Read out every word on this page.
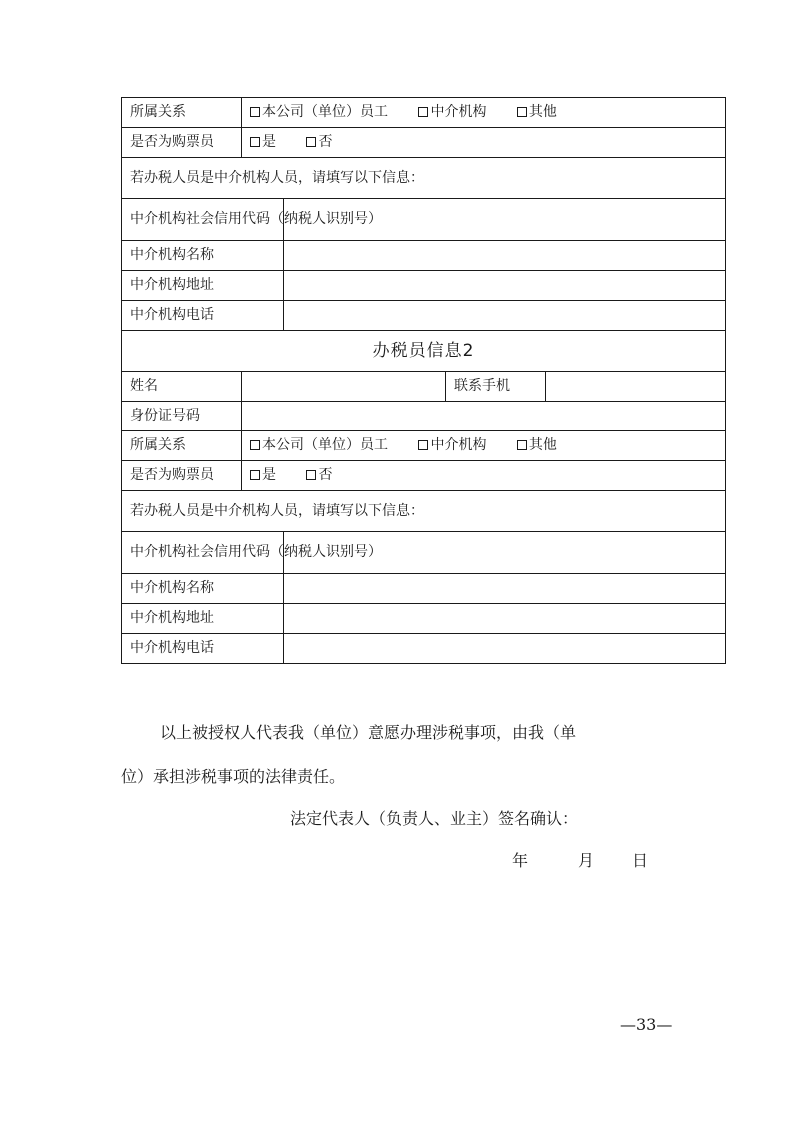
所属关系	本公司（单位）员工 中介机构 其他			
是否为购票员	是 否			
若办税人员是中介机构人员，请填写以下信息：				
中介机构社会信用代码（纳税人识别号）				
中介机构名称				
中介机构地址				
中介机构电话				
办税员信息2				
姓名			联系手机	
身份证号码				
所属关系	本公司（单位）员工 中介机构 其他			
是否为购票员	是 否			
若办税人员是中介机构人员，请填写以下信息：				
中介机构社会信用代码（纳税人识别号）				
中介机构名称				
中介机构地址				
中介机构电话				
以上被授权人代表我（单位）意愿办理涉税事项，由我（单
位）承担涉税事项的法律责任。
法定代表人（负责人、业主）签名确认：
年	月 日
—33—
